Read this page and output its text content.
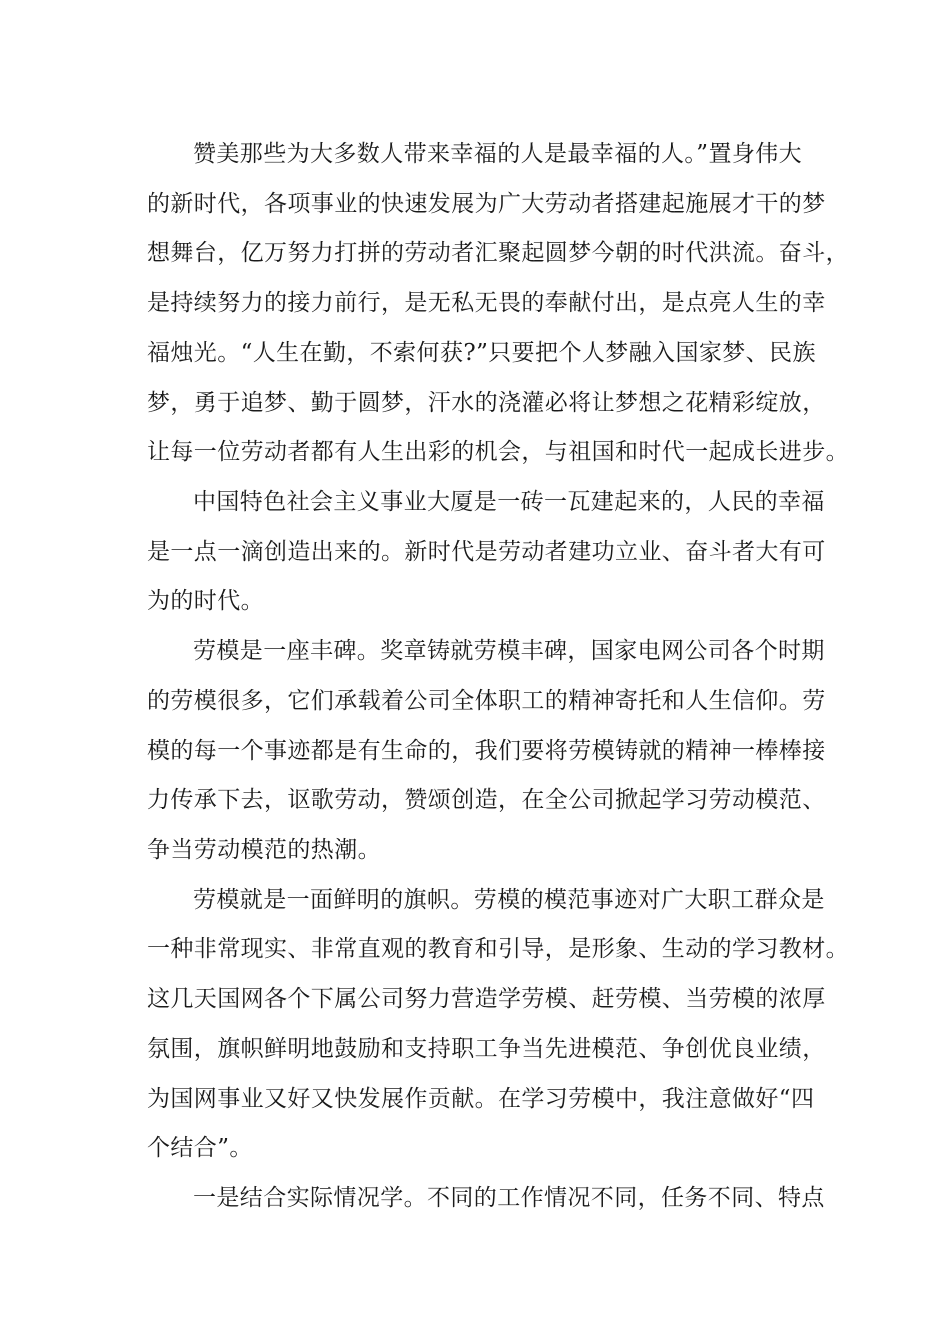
赞美那些为大多数人带来幸福的人是最幸福的人。”置身伟大
的新时代，各项事业的快速发展为广大劳动者搭建起施展才干的梦
想舞台，亿万努力打拼的劳动者汇聚起圆梦今朝的时代洪流。奋斗，
是持续努力的接力前行，是无私无畏的奉献付出，是点亮人生的幸
福烛光。“人生在勤，不索何获?”只要把个人梦融入国家梦、民族
梦，勇于追梦、勤于圆梦，汗水的浇灌必将让梦想之花精彩绽放，
让每一位劳动者都有人生出彩的机会，与祖国和时代一起成长进步。
中国特色社会主义事业大厦是一砖一瓦建起来的，人民的幸福
是一点一滴创造出来的。新时代是劳动者建功立业、奋斗者大有可
为的时代。
劳模是一座丰碑。奖章铸就劳模丰碑，国家电网公司各个时期
的劳模很多，它们承载着公司全体职工的精神寄托和人生信仰。劳
模的每一个事迹都是有生命的，我们要将劳模铸就的精神一棒棒接
力传承下去，讴歌劳动，赞颂创造，在全公司掀起学习劳动模范、
争当劳动模范的热潮。
劳模就是一面鲜明的旗帜。劳模的模范事迹对广大职工群众是
一种非常现实、非常直观的教育和引导，是形象、生动的学习教材。
这几天国网各个下属公司努力营造学劳模、赶劳模、当劳模的浓厚
氛围，旗帜鲜明地鼓励和支持职工争当先进模范、争创优良业绩，
为国网事业又好又快发展作贡献。在学习劳模中，我注意做好“四
个结合”。
一是结合实际情况学。不同的工作情况不同，任务不同、特点
